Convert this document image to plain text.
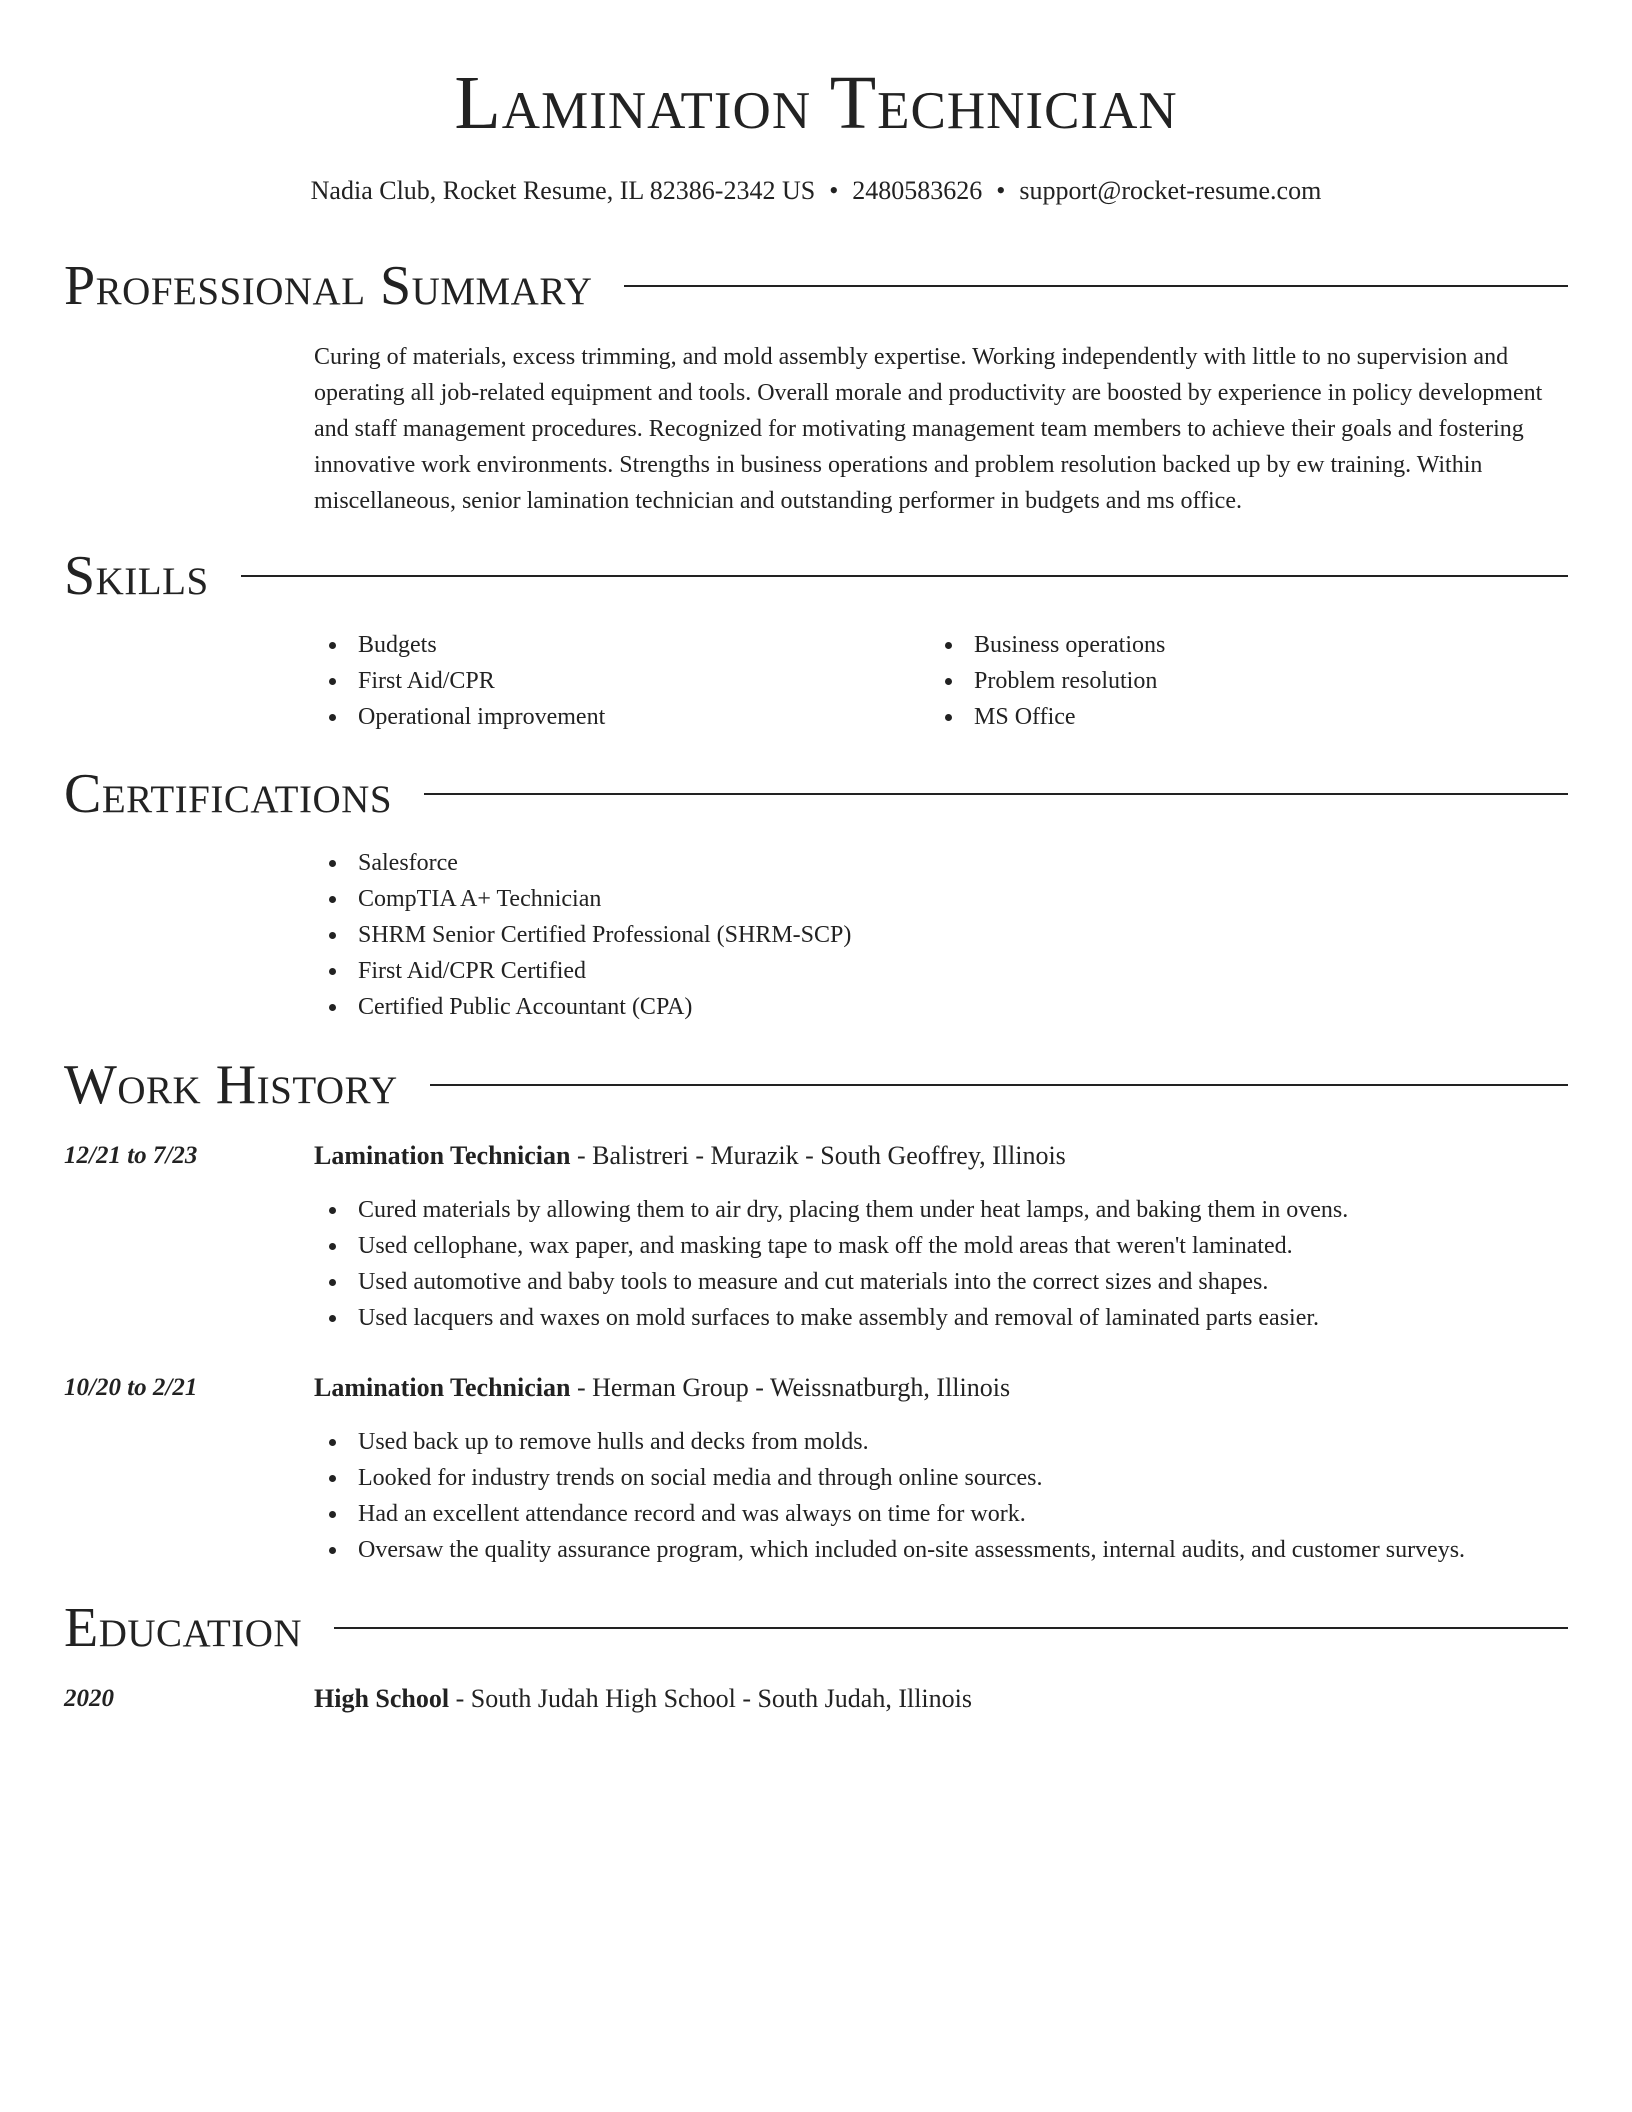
Lamination Technician
Nadia Club, Rocket Resume, IL 82386-2342 US • 2480583626 • support@rocket-resume.com
Professional Summary

Curing of materials, excess trimming, and mold assembly expertise. Working independently with little to no supervision and operating all job-related equipment and tools. Overall morale and productivity are boosted by experience in policy development and staff management procedures. Recognized for motivating management team members to achieve their goals and fostering innovative work environments. Strengths in business operations and problem resolution backed up by ew training. Within miscellaneous, senior lamination technician and outstanding performer in budgets and ms office.

Skills
Budgets
First Aid/CPR
Operational improvement
Business operations
Problem resolution
MS Office
Certifications
Salesforce
CompTIA A+ Technician
SHRM Senior Certified Professional (SHRM-SCP)
First Aid/CPR Certified
Certified Public Accountant (CPA)
Work History
12/21 to 7/23	Lamination Technician - Balistreri - Murazik - South Geoffrey, Illinois
Cured materials by allowing them to air dry, placing them under heat lamps, and baking them in ovens.
Used cellophane, wax paper, and masking tape to mask off the mold areas that weren't laminated.
Used automotive and baby tools to measure and cut materials into the correct sizes and shapes.
Used lacquers and waxes on mold surfaces to make assembly and removal of laminated parts easier.
10/20 to 2/21	Lamination Technician - Herman Group - Weissnatburgh, Illinois
Used back up to remove hulls and decks from molds.
Looked for industry trends on social media and through online sources.
Had an excellent attendance record and was always on time for work.
Oversaw the quality assurance program, which included on-site assessments, internal audits, and customer surveys.
Education
2020	High School - South Judah High School - South Judah, Illinois
